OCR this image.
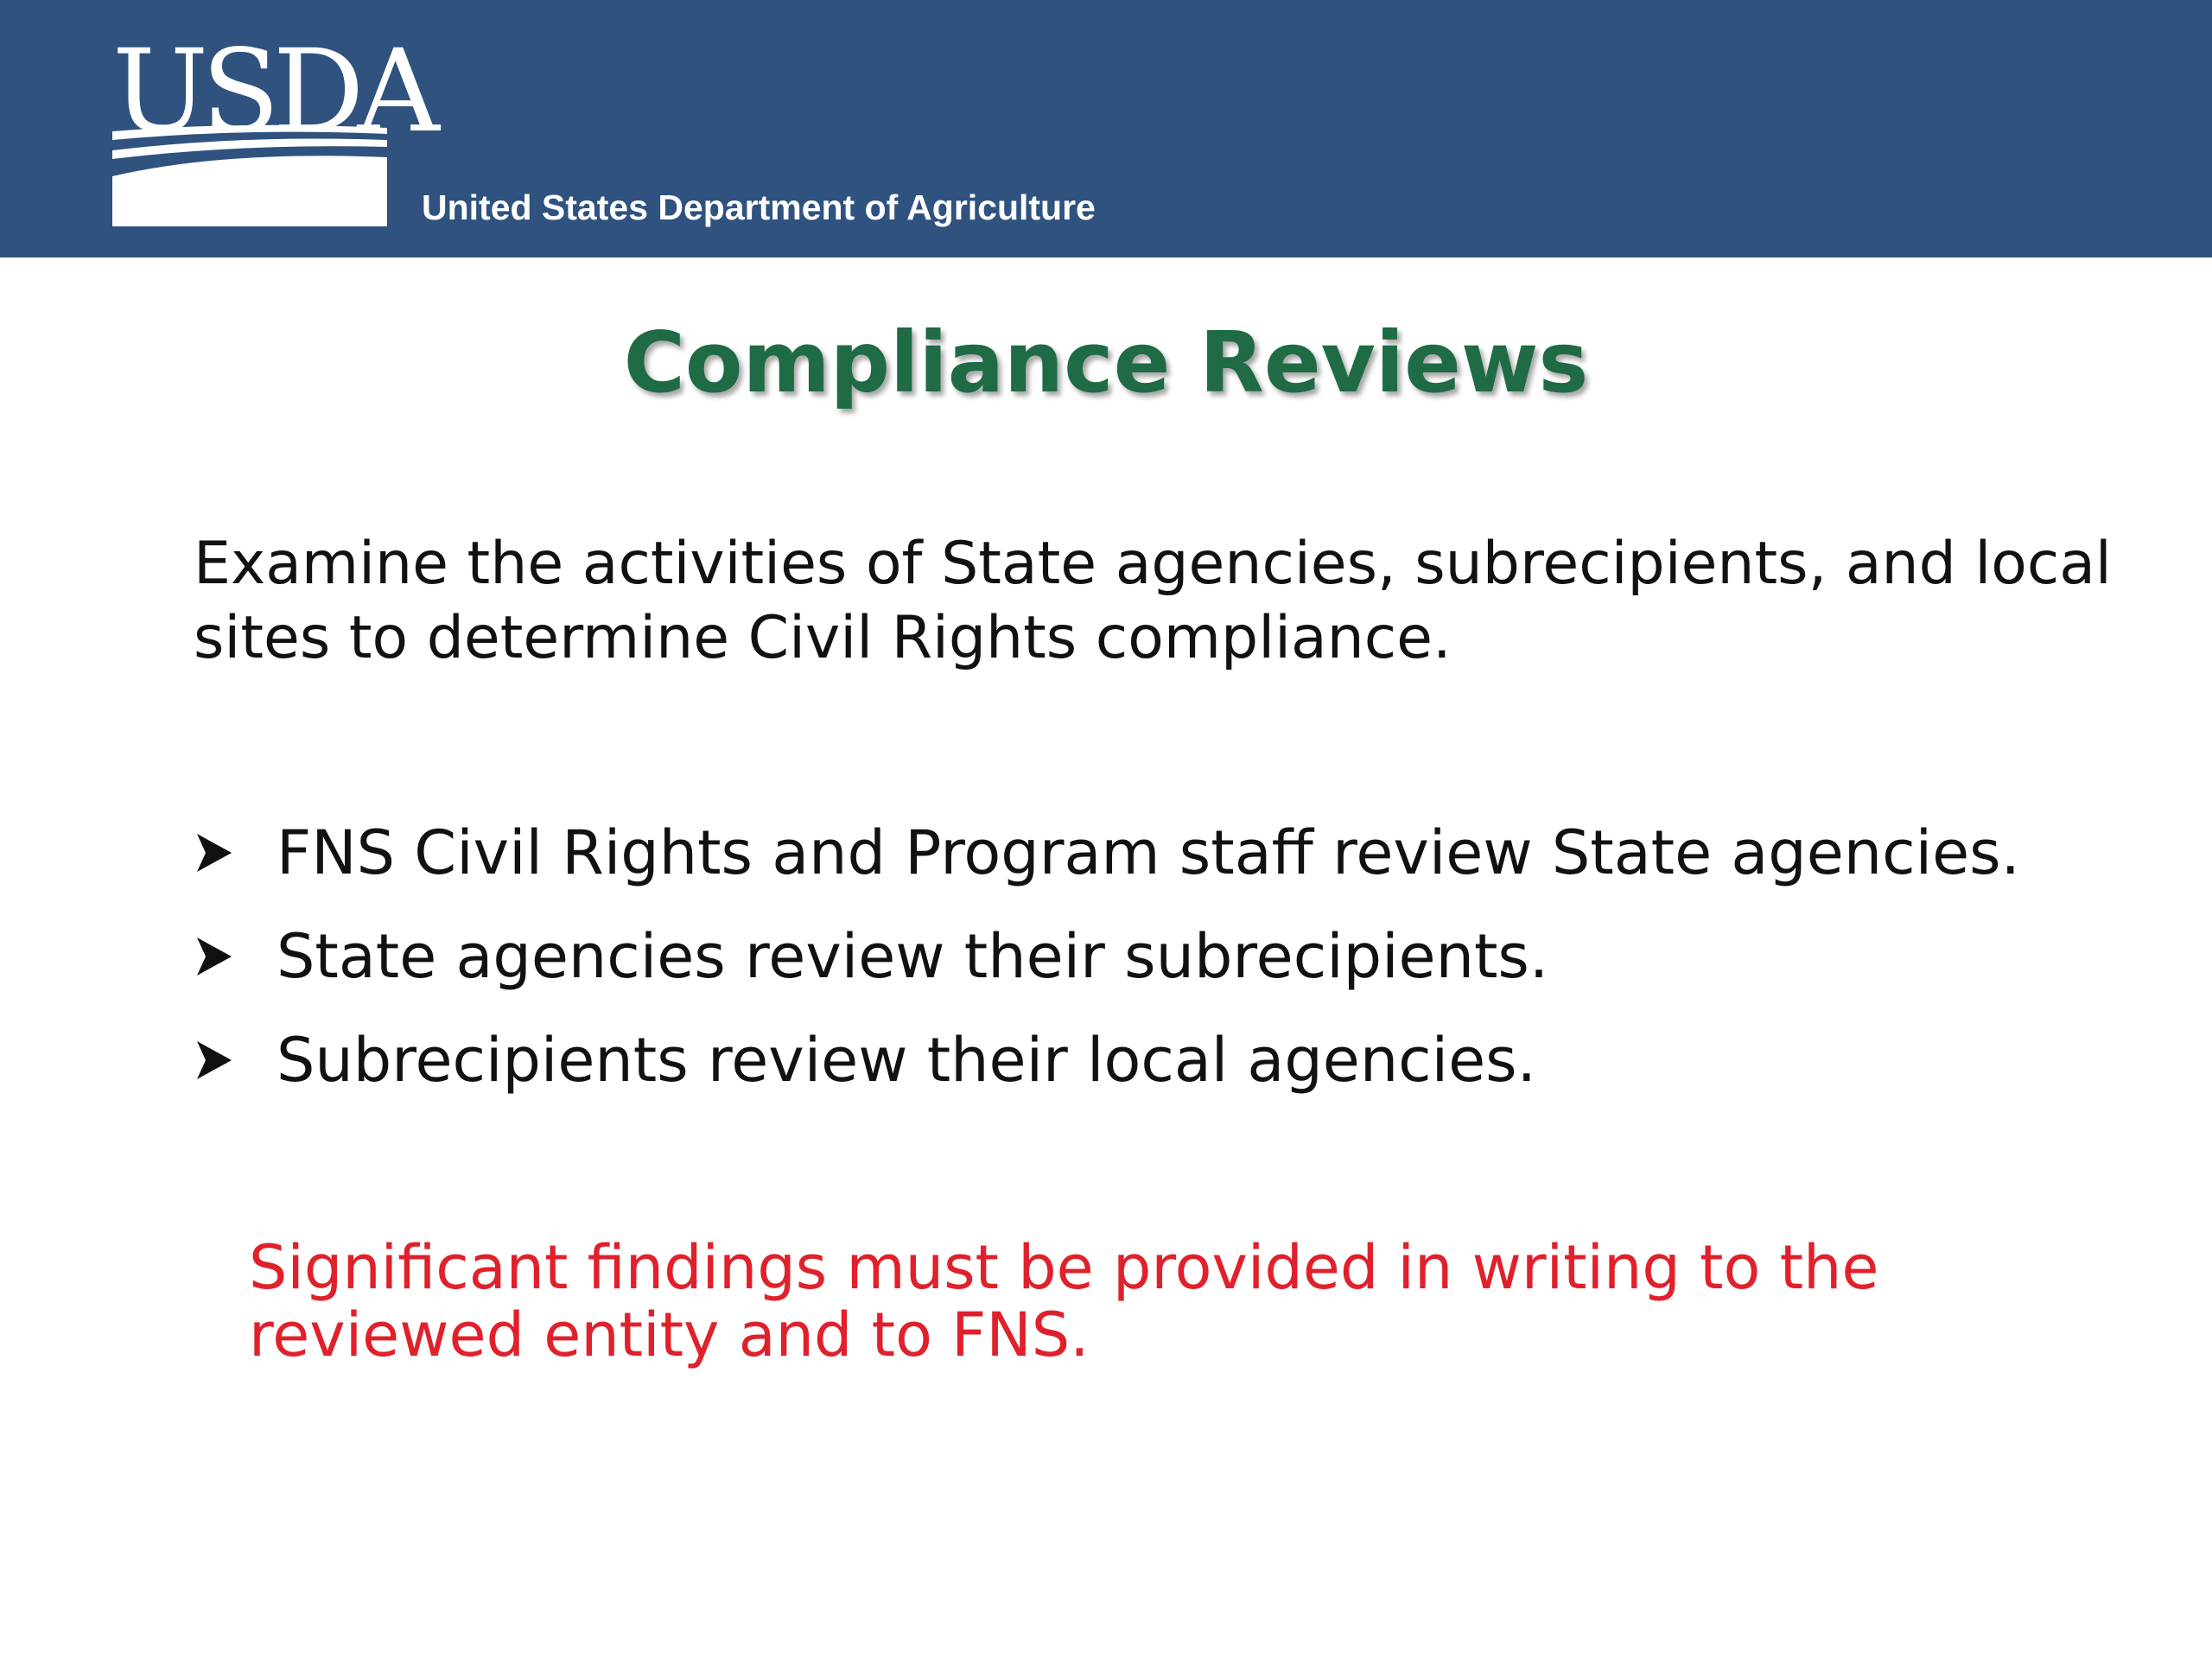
USDA
United States Department of Agriculture
Compliance Reviews

Examine the activities of State agencies, subrecipients, and local sites to determine Civil Rights compliance.

FNS Civil Rights and Program staff review State agencies.
State agencies review their subrecipients.
Subrecipients review their local agencies.

Significant findings must be provided in writing to the reviewed entity and to FNS.
